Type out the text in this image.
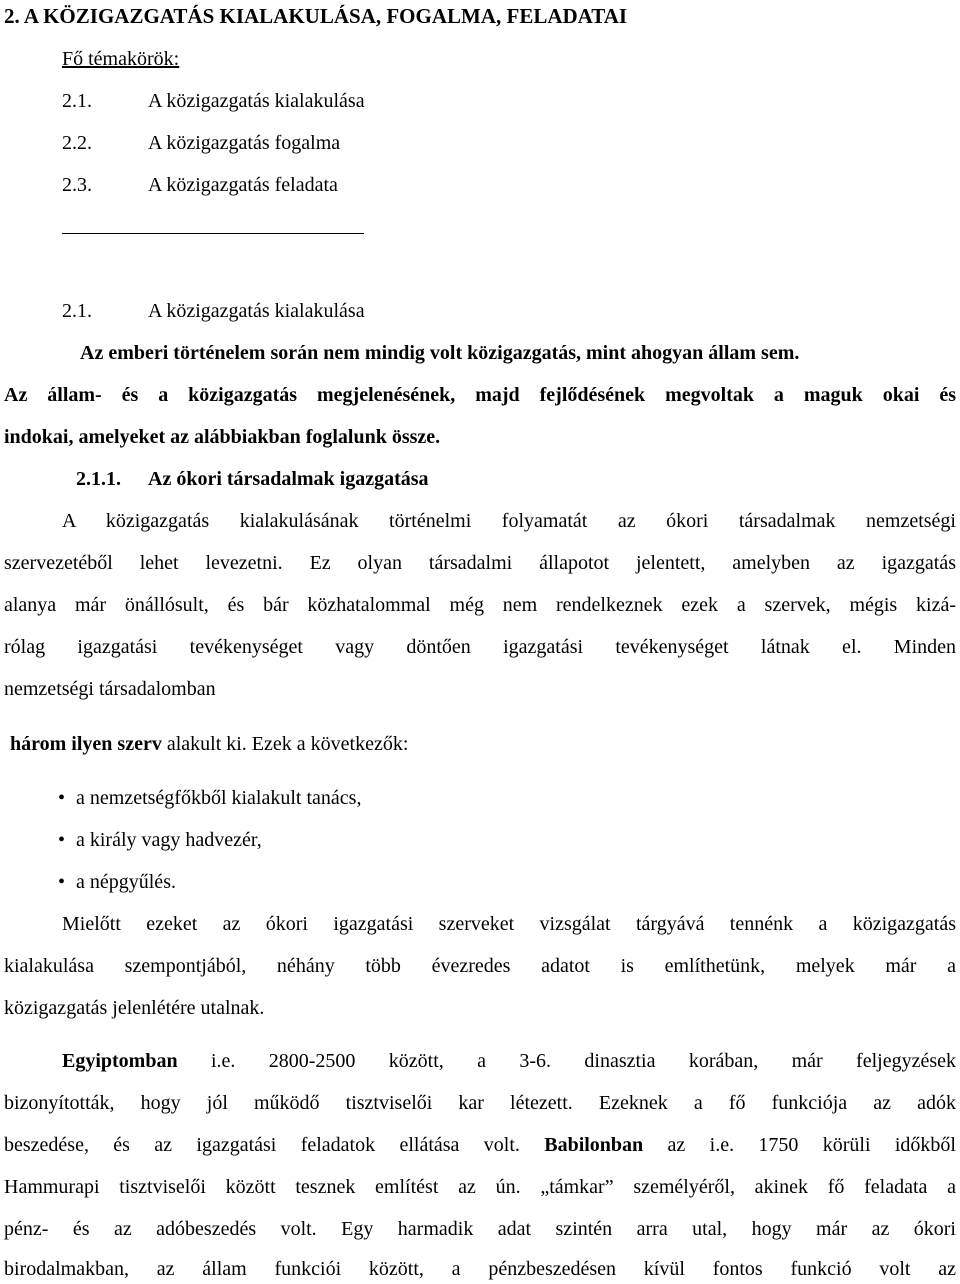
2. A KÖZIGAZGATÁS KIALAKULÁSA, FOGALMA, FELADATAI
Fő témakörök:
2.1.	A közigazgatás kialakulása
2.2.	A közigazgatás fogalma
2.3.	A közigazgatás feladata
2.1.	A közigazgatás kialakulása
Az emberi történelem során nem mindig volt közigazgatás, mint ahogyan állam sem.
Az állam- és a közigazgatás megjelenésének, majd fejlődésének megvoltak a maguk okai és
indokai, amelyeket az alábbiakban foglalunk össze.
2.1.1. Az ókori társadalmak igazgatása
A közigazgatás kialakulásának történelmi folyamatát az ókori társadalmak nemzetségi
szervezetéből lehet levezetni. Ez olyan társadalmi állapotot jelentett, amelyben az igazgatás
alanya már önállósult, és bár közhatalommal még nem rendelkeznek ezek a szervek, mégis kizá-
rólag igazgatási tevékenységet vagy döntően igazgatási tevékenységet látnak el. Minden
nemzetségi társadalomban
három ilyen szerv alakult ki. Ezek a következők:
• a nemzetségfőkből kialakult tanács,
• a király vagy hadvezér,
• a népgyűlés.
Mielőtt ezeket az ókori igazgatási szerveket vizsgálat tárgyává tennénk a közigazgatás
kialakulása szempontjából, néhány több évezredes adatot is említhetünk, melyek már a
közigazgatás jelenlétére utalnak.
Egyiptomban i.e. 2800-2500 között, a 3-6. dinasztia korában, már feljegyzések
bizonyították, hogy jól működő tisztviselői kar létezett. Ezeknek a fő funkciója az adók
beszedése, és az igazgatási feladatok ellátása volt. Babilonban az i.e. 1750 körüli időkből
Hammurapi tisztviselői között tesznek említést az ún. „támkar” személyéről, akinek fő feladata a
pénz- és az adóbeszedés volt. Egy harmadik adat szintén arra utal, hogy már az ókori
birodalmakban, az állam funkciói között, a pénzbeszedésen kívül fontos funkció volt az
